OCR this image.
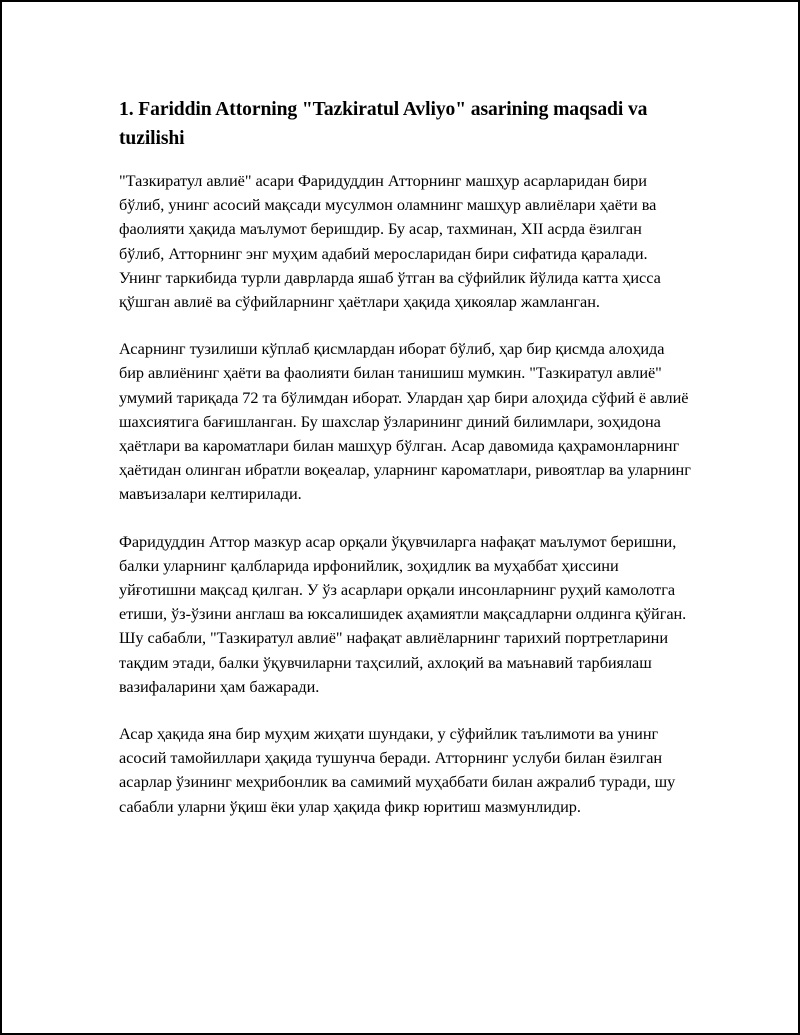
1. Fariddin Attorning "Tazkiratul Avliyo" asarining maqsadi va tuzilishi

"Тазкиратул авлиё" асари Фаридуддин Атторнинг машҳур асарларидан бири бўлиб, унинг асосий мақсади мусулмон оламнинг машҳур авлиёлари ҳаёти ва фаолияти ҳақида маълумот беришдир. Бу асар, тахминан, XII асрда ёзилган бўлиб, Атторнинг энг муҳим адабий меросларидан бири сифатида қаралади. Унинг таркибида турли даврларда яшаб ўтган ва сўфийлик йўлида катта ҳисса қўшган авлиё ва сўфийларнинг ҳаётлари ҳақида ҳикоялар жамланган.

Асарнинг тузилиши кўплаб қисмлардан иборат бўлиб, ҳар бир қисмда алоҳида бир авлиёнинг ҳаёти ва фаолияти билан танишиш мумкин. "Тазкиратул авлиё" умумий тариқада 72 та бўлимдан иборат. Улардан ҳар бири алоҳида сўфий ё авлиё шахсиятига бағишланган. Бу шахслар ўзларининг диний билимлари, зоҳидона ҳаётлари ва кароматлари билан машҳур бўлган. Асар давомида қаҳрамонларнинг ҳаётидан олинган ибратли воқеалар, уларнинг кароматлари, ривоятлар ва уларнинг мавъизалари келтирилади.

Фаридуддин Аттор мазкур асар орқали ўқувчиларга нафақат маълумот беришни, балки уларнинг қалбларида ирфонийлик, зоҳидлик ва муҳаббат ҳиссини уйғотишни мақсад қилган. У ўз асарлари орқали инсонларнинг руҳий камолотга етиши, ўз-ўзини англаш ва юксалишидек аҳамиятли мақсадларни олдинга қўйган. Шу сабабли, "Тазкиратул авлиё" нафақат авлиёларнинг тарихий портретларини тақдим этади, балки ўқувчиларни таҳсилий, ахлоқий ва маънавий тарбиялаш вазифаларини ҳам бажаради.

Асар ҳақида яна бир муҳим жиҳати шундаки, у сўфийлик таълимоти ва унинг асосий тамойиллари ҳақида тушунча беради. Атторнинг услуби билан ёзилган асарлар ўзининг меҳрибонлик ва самимий муҳаббати билан ажралиб туради, шу сабабли уларни ўқиш ёки улар ҳақида фикр юритиш мазмунлидир.
